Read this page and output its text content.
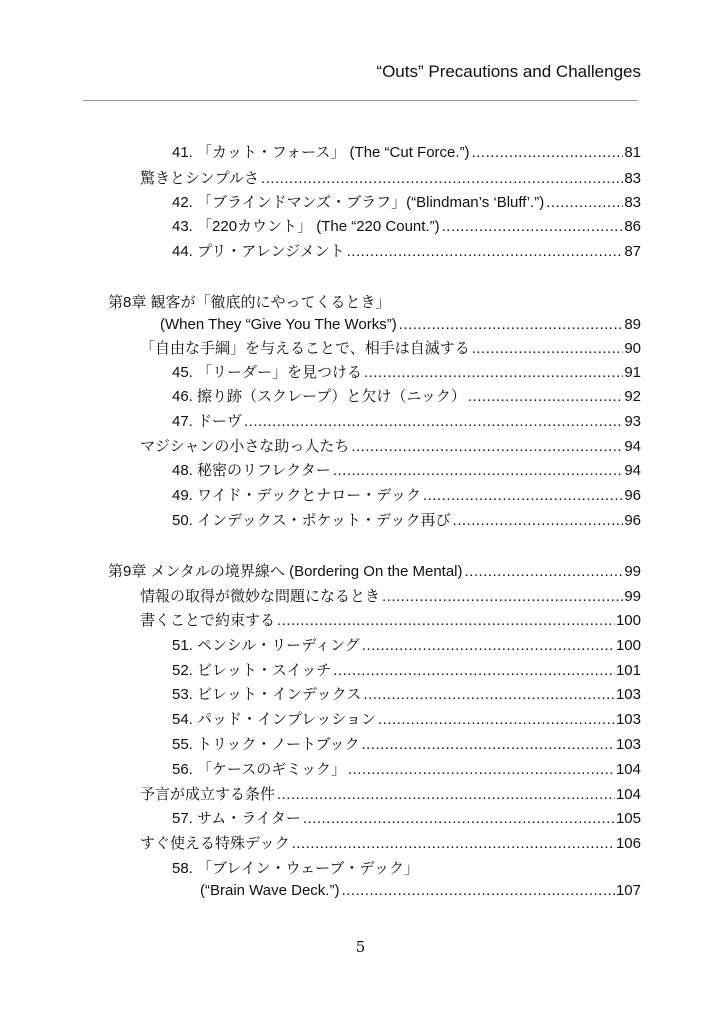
“Outs” Precautions and Challenges
41. 「カット・フォース」 (The “Cut Force.”) .....	81
驚きとシンプルさ .....	83
42. 「ブラインドマンズ・ブラフ」(“Blindman’s ‘Bluff’.”) .....	83
43. 「220カウント」 (The “220 Count.”) .....	86
44. プリ・アレンジメント .....	87
第8章 観客が「徹底的にやってくるとき」
(When They “Give You The Works”) .....	89
「自由な手綱」を与えることで、相手は自滅する .....	90
45. 「リーダー」を見つける .....	91
46. 擦り跡（スクレープ）と欠け（ニック） .....	92
47. ドーヴ .....	93
マジシャンの小さな助っ人たち .....	94
48. 秘密のリフレクター .....	94
49. ワイド・デックとナロー・デック .....	96
50. インデックス・ポケット・デック再び .....	96
第9章 メンタルの境界線へ (Bordering On the Mental) .....	99
情報の取得が微妙な問題になるとき .....	99
書くことで約束する .....	100
51. ペンシル・リーディング .....	100
52. ビレット・スイッチ .....	101
53. ビレット・インデックス .....	103
54. パッド・インプレッション .....	103
55. トリック・ノートブック .....	103
56. 「ケースのギミック」 .....	104
予言が成立する条件 .....	104
57. サム・ライター .....	105
すぐ使える特殊デック .....	106
58. 「ブレイン・ウェーブ・デック」
(“Brain Wave Deck.”) .....	107
5
